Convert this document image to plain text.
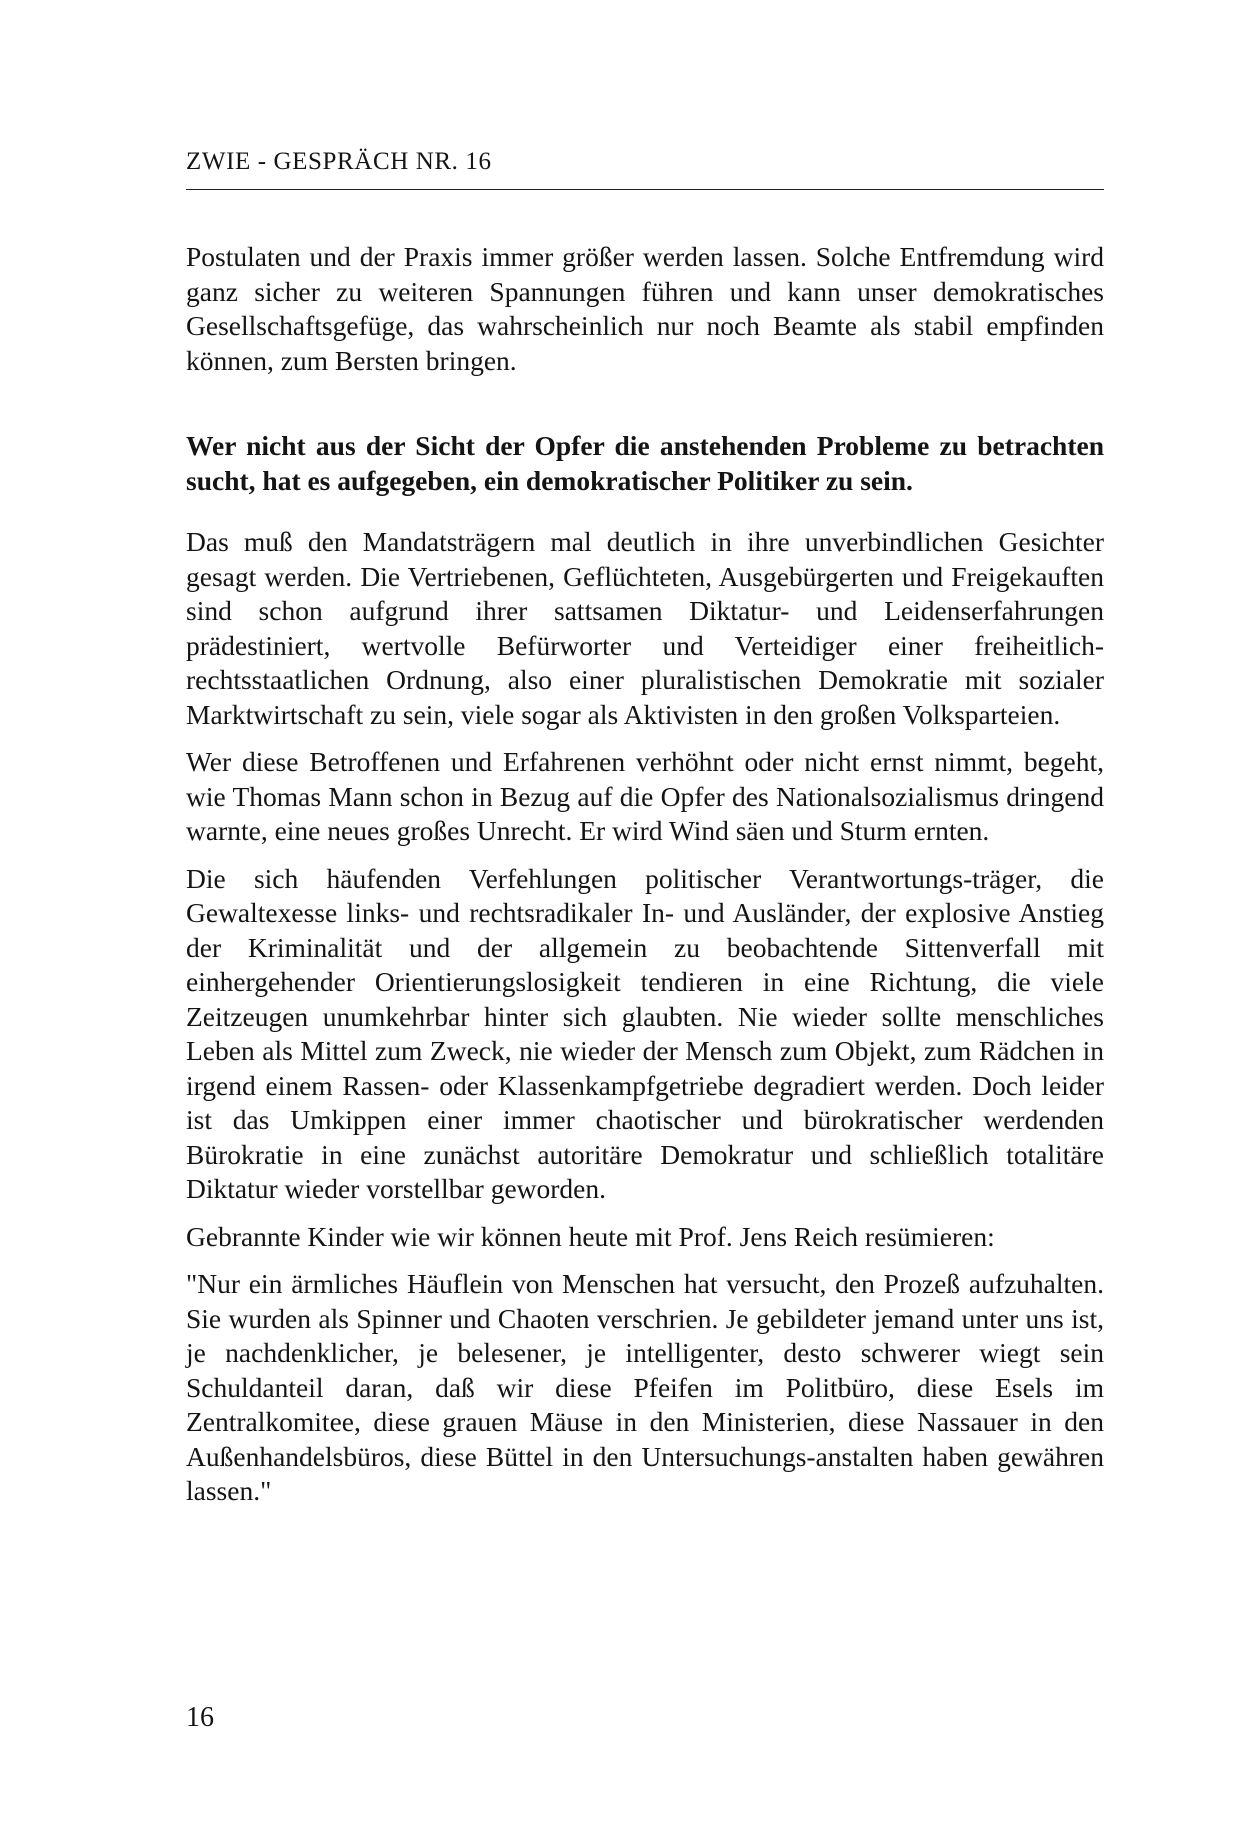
ZWIE - GESPRÄCH NR. 16

Postulaten und der Praxis immer größer werden lassen. Solche Entfremdung wird ganz sicher zu weiteren Spannungen führen und kann unser demokratisches Gesellschaftsgefüge, das wahrscheinlich nur noch Beamte als stabil empfinden können, zum Bersten bringen.

Wer nicht aus der Sicht der Opfer die anstehenden Probleme zu betrachten sucht, hat es aufgegeben, ein demokratischer Politiker zu sein.

Das muß den Mandatsträgern mal deutlich in ihre unverbindlichen Gesichter gesagt werden. Die Vertriebenen, Geflüchteten, Ausgebürgerten und Freigekauften sind schon aufgrund ihrer sattsamen Diktatur- und Leidenserfahrungen prädestiniert, wertvolle Befürworter und Verteidiger einer freiheitlich-rechtsstaatlichen Ordnung, also einer pluralistischen Demokratie mit sozialer Marktwirtschaft zu sein, viele sogar als Aktivisten in den großen Volksparteien.

Wer diese Betroffenen und Erfahrenen verhöhnt oder nicht ernst nimmt, begeht, wie Thomas Mann schon in Bezug auf die Opfer des Nationalsozialismus dringend warnte, eine neues großes Unrecht. Er wird Wind säen und Sturm ernten.

Die sich häufenden Verfehlungen politischer Verantwortungs-träger, die Gewaltexesse links- und rechtsradikaler In- und Ausländer, der explosive Anstieg der Kriminalität und der allgemein zu beobachtende Sittenverfall mit einhergehender Orientierungslosigkeit tendieren in eine Richtung, die viele Zeitzeugen unumkehrbar hinter sich glaubten. Nie wieder sollte menschliches Leben als Mittel zum Zweck, nie wieder der Mensch zum Objekt, zum Rädchen in irgend einem Rassen- oder Klassenkampfgetriebe degradiert werden. Doch leider ist das Umkippen einer immer chaotischer und bürokratischer werdenden Bürokratie in eine zunächst autoritäre Demokratur und schließlich totalitäre Diktatur wieder vorstellbar geworden.

Gebrannte Kinder wie wir können heute mit Prof. Jens Reich resümieren:

"Nur ein ärmliches Häuflein von Menschen hat versucht, den Prozeß aufzuhalten. Sie wurden als Spinner und Chaoten verschrien. Je gebildeter jemand unter uns ist, je nachdenklicher, je belesener, je intelligenter, desto schwerer wiegt sein Schuldanteil daran, daß wir diese Pfeifen im Politbüro, diese Esels im Zentralkomitee, diese grauen Mäuse in den Ministerien, diese Nassauer in den Außenhandelsbüros, diese Büttel in den Untersuchungs-anstalten haben gewähren lassen."

16
